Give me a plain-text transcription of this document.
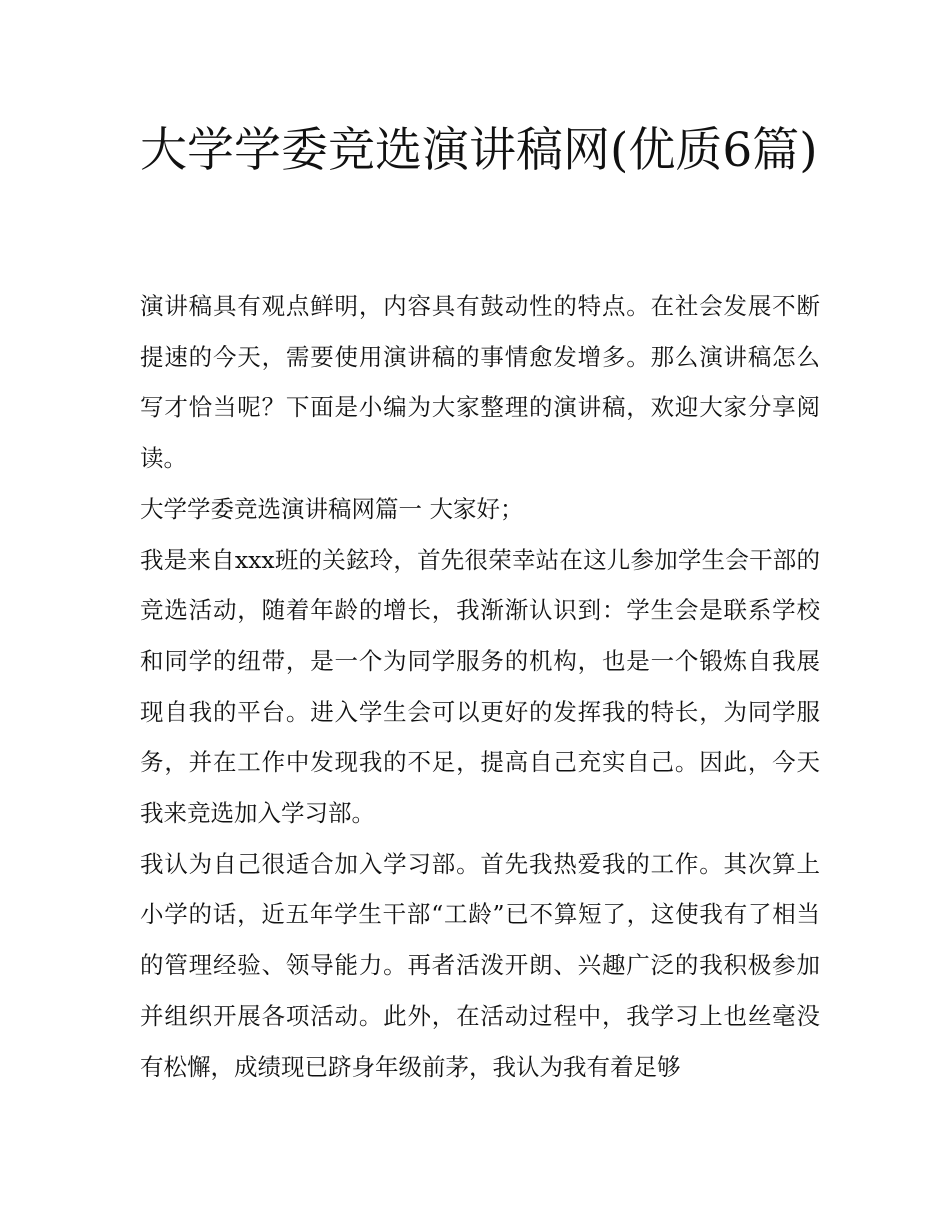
大学学委竞选演讲稿网(优质6篇)

演讲稿具有观点鲜明，内容具有鼓动性的特点。在社会发展不断提速的今天，需要使用演讲稿的事情愈发增多。那么演讲稿怎么写才恰当呢？下面是小编为大家整理的演讲稿，欢迎大家分享阅读。

大学学委竞选演讲稿网篇一 大家好；

我是来自xxx班的关鉉玲，首先很荣幸站在这儿参加学生会干部的竞选活动，随着年龄的增长，我渐渐认识到：学生会是联系学校和同学的纽带，是一个为同学服务的机构，也是一个锻炼自我展现自我的平台。进入学生会可以更好的发挥我的特长，为同学服务，并在工作中发现我的不足，提高自己充实自己。因此，今天我来竞选加入学习部。

我认为自己很适合加入学习部。首先我热爱我的工作。其次算上小学的话，近五年学生干部“工龄”已不算短了，这使我有了相当的管理经验、领导能力。再者活泼开朗、兴趣广泛的我积极参加并组织开展各项活动。此外，在活动过程中，我学习上也丝毫没有松懈，成绩现已跻身年级前茅，我认为我有着足够
